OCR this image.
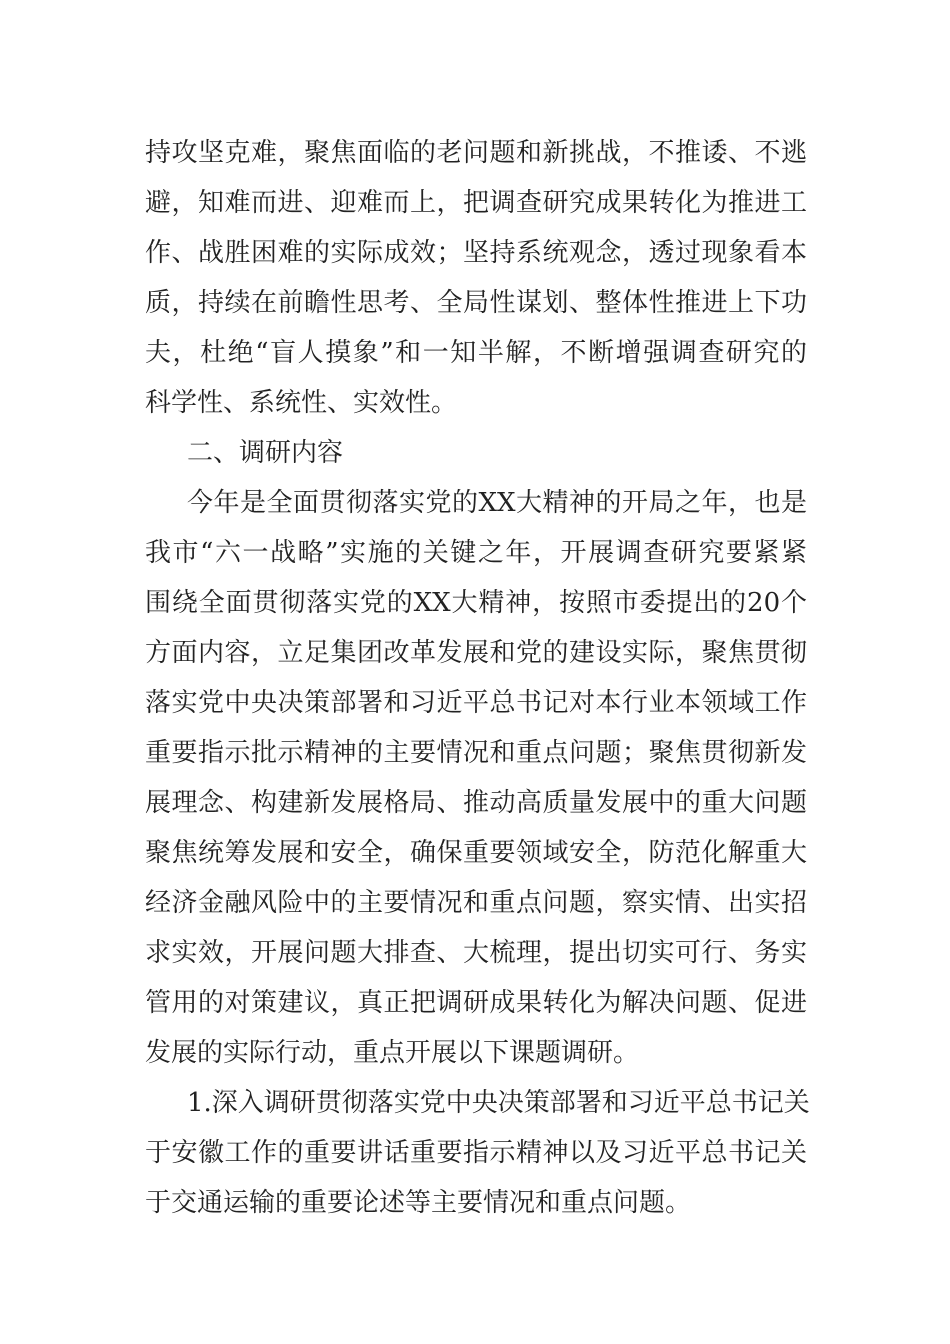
持攻坚克难，聚焦面临的老问题和新挑战，不推诿、不逃
避，知难而进、迎难而上，把调查研究成果转化为推进工
作、战胜困难的实际成效；坚持系统观念，透过现象看本
质，持续在前瞻性思考、全局性谋划、整体性推进上下功
夫，杜绝“盲人摸象”和一知半解，不断增强调查研究的
科学性、系统性、实效性。
二、调研内容
今年是全面贯彻落实党的XX大精神的开局之年，也是
我市“六一战略”实施的关键之年，开展调查研究要紧紧
围绕全面贯彻落实党的XX大精神，按照市委提出的20个
方面内容，立足集团改革发展和党的建设实际，聚焦贯彻
落实党中央决策部署和习近平总书记对本行业本领域工作
重要指示批示精神的主要情况和重点问题；聚焦贯彻新发
展理念、构建新发展格局、推动高质量发展中的重大问题
聚焦统筹发展和安全，确保重要领域安全，防范化解重大
经济金融风险中的主要情况和重点问题，察实情、出实招
求实效，开展问题大排查、大梳理，提出切实可行、务实
管用的对策建议，真正把调研成果转化为解决问题、促进
发展的实际行动，重点开展以下课题调研。
1.深入调研贯彻落实党中央决策部署和习近平总书记关
于安徽工作的重要讲话重要指示精神以及习近平总书记关
于交通运输的重要论述等主要情况和重点问题。
